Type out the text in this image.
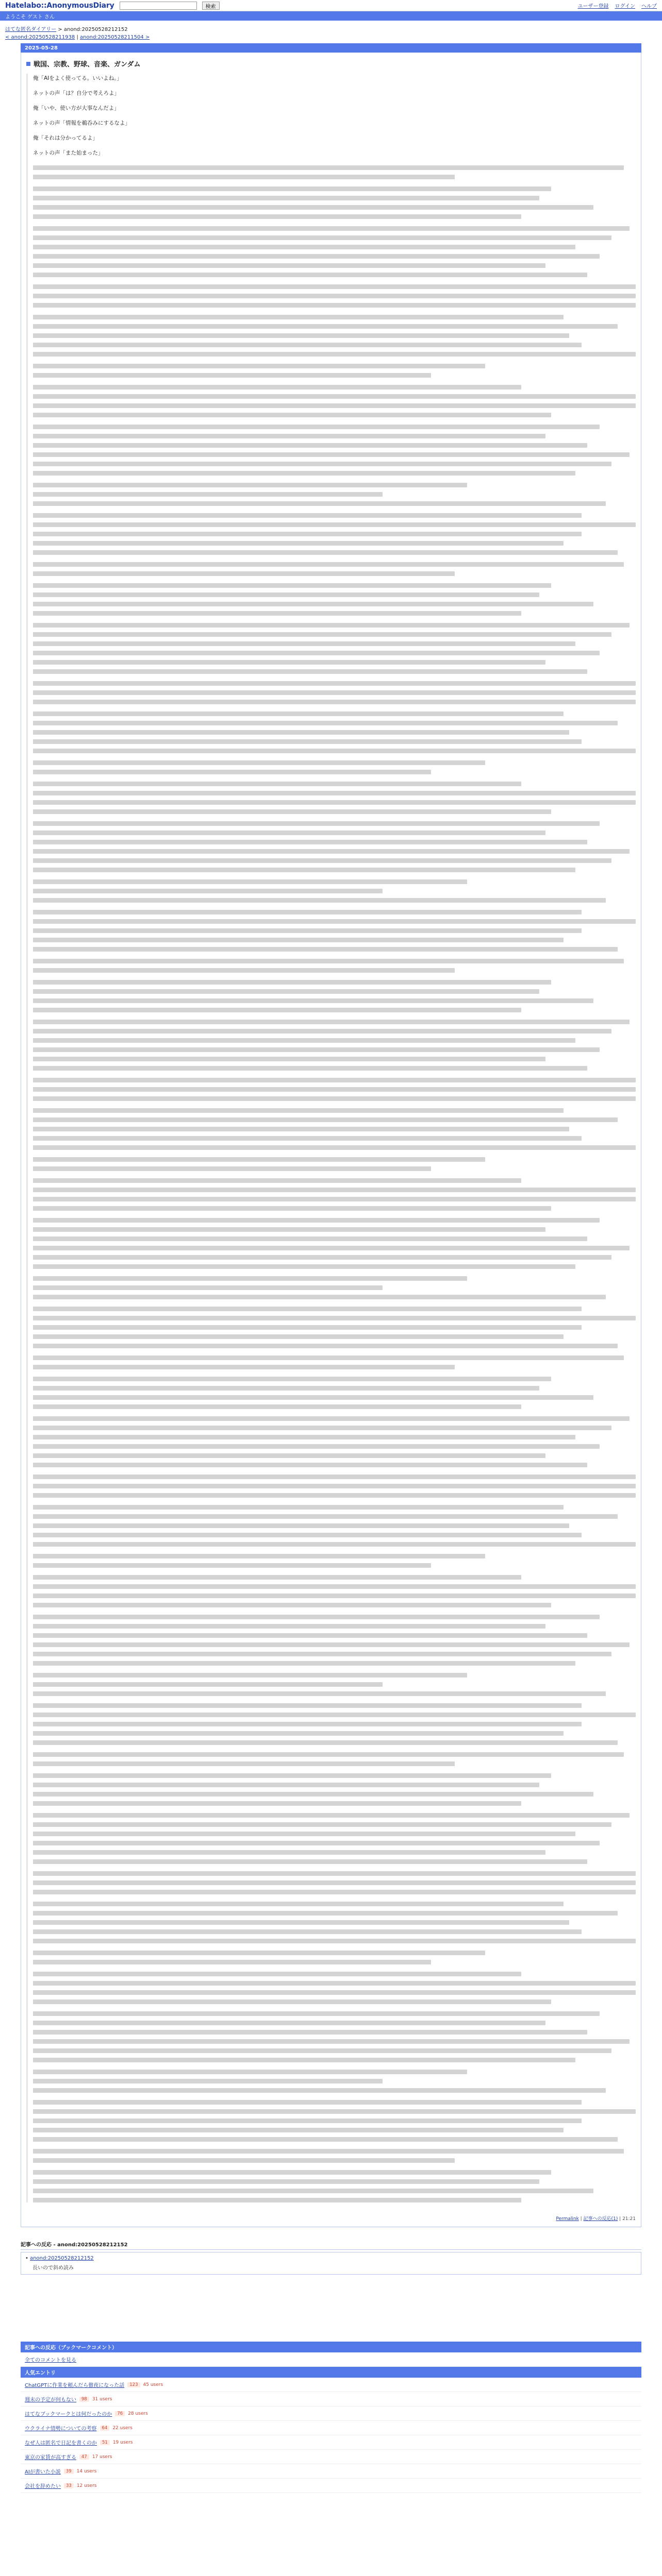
Hatelabo::AnonymousDiary	検索	ユーザー登録 ログイン ヘルプ
ようこそ ゲスト さん
はてな匿名ダイアリー > anond:20250528212152
< anond:20250528211938 | anond:20250528211504 >
2025-05-28
戦国、宗教、野球、音楽、ガンダム

俺「AIをよく使ってる。いいよね。」

ネットの声「は？自分で考えろよ」

俺「いや、使い方が大事なんだよ」

ネットの声「情報を鵜呑みにするなよ」

俺「それは分かってるよ」

ネットの声「また始まった」

Permalink | 記事への反応(1) | 21:21
記事への反応 - anond:20250528212152
• anond:20250528212152
長いので斜め読み
記事への反応（ブックマークコメント）
全てのコメントを見る
人気エントリ
ChatGPTに作業を頼んだら徹夜になった話	123	45 users
週末の予定が何もない	98	31 users
はてなブックマークとは何だったのか	76	28 users
ウクライナ情勢についての考察	64	22 users
なぜ人は匿名で日記を書くのか	51	19 users
東京の家賃が高すぎる	47	17 users
AIが書いた小説	39	14 users
会社を辞めたい	33	12 users
